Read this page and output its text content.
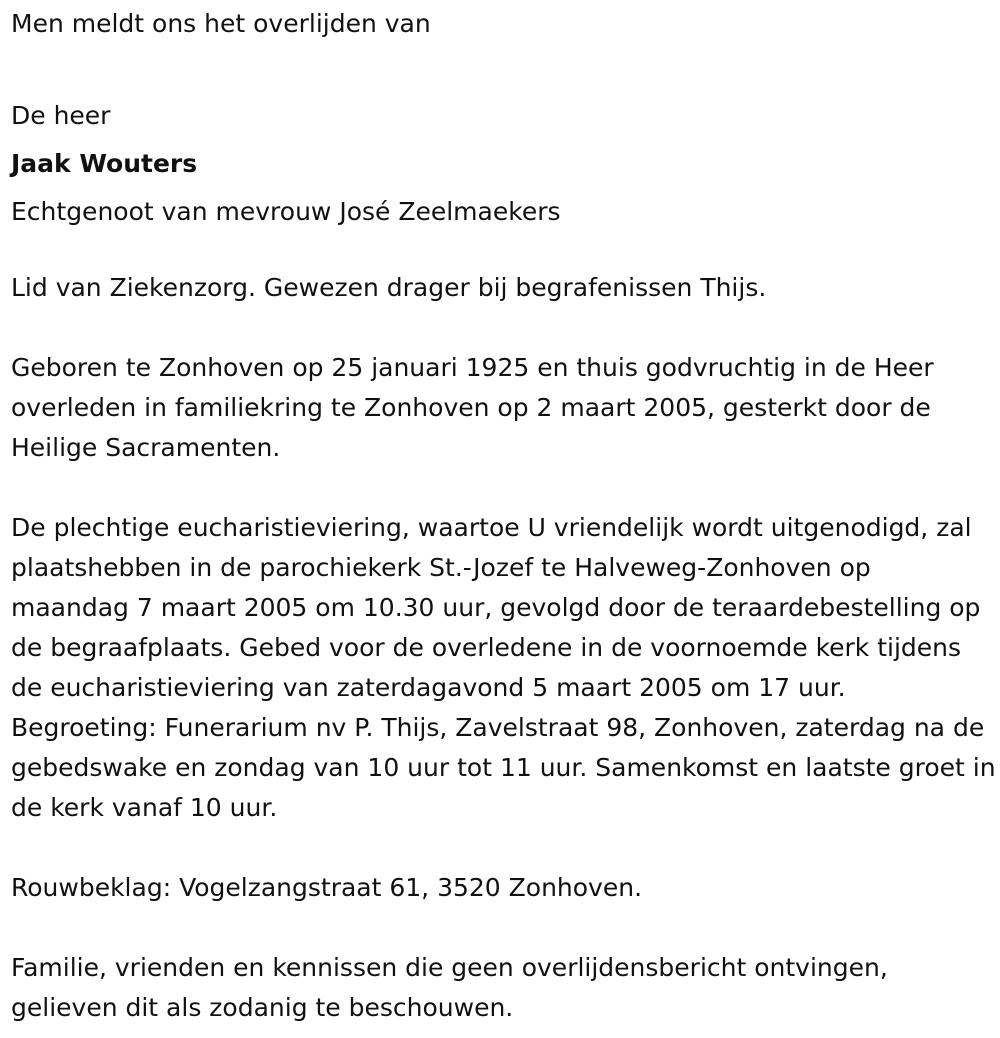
Men meldt ons het overlijden van

De heer

Jaak Wouters

Echtgenoot van mevrouw José Zeelmaekers

Lid van Ziekenzorg. Gewezen drager bij begrafenissen Thijs.

Geboren te Zonhoven op 25 januari 1925 en thuis godvruchtig in de Heer overleden in familiekring te Zonhoven op 2 maart 2005, gesterkt door de Heilige Sacramenten.

De plechtige eucharistieviering, waartoe U vriendelijk wordt uitgenodigd, zal plaatshebben in de parochiekerk St.-Jozef te Halveweg-Zonhoven op maandag 7 maart 2005 om 10.30 uur, gevolgd door de teraardebestelling op de begraafplaats. Gebed voor de overledene in de voornoemde kerk tijdens de eucharistieviering van zaterdagavond 5 maart 2005 om 17 uur. Begroeting: Funerarium nv P. Thijs, Zavelstraat 98, Zonhoven, zaterdag na de gebedswake en zondag van 10 uur tot 11 uur. Samenkomst en laatste groet in de kerk vanaf 10 uur.

Rouwbeklag: Vogelzangstraat 61, 3520 Zonhoven.

Familie, vrienden en kennissen die geen overlijdensbericht ontvingen, gelieven dit als zodanig te beschouwen.
